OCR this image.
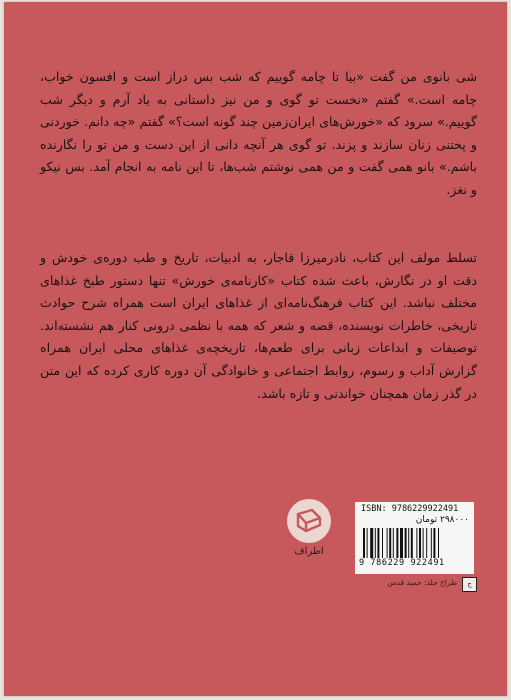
شی بانوی من گفت «بیا تا چامه گوییم که شب بس دراز است و افسون خواب، چامه است.» گفتم «نخست تو گوی و من نیز داستانی به یاد آرم و دیگر شب گوییم.» سرود که «خورش‌های ایران‌زمین چند گونه است؟» گفتم «چه دانم. خوردنی و پختنی زنان سازند و پزند. تو گوی هر آنچه دانی از این دست و من تو را نگارنده باشم.» بانو همی گفت و من همی نوشتم شب‌ها، تا این نامه به انجام آمد. بس نیکو و نغز.
تسلط مولف این کتاب، نادرمیرزا قاجار، به ادبیات، تاریخ و طب دوره‌ی خودش و دقت او در نگارش، باعث شده کتاب «کارنامه‌ی خورش» تنها دستور طبخ غذاهای مختلف نباشد. این کتاب فرهنگ‌نامه‌ای از غذاهای ایران است همراه شرح حوادث تاریخی، خاطرات نویسنده، قصه و شعر که همه با نظمی درونی کنار هم نشسته‌اند. توصیفات و ابداعات زبانی برای طعم‌ها، تاریخچه‌ی غذاهای محلی ایران همراه گزارش آداب و رسوم، روابط اجتماعی و خانوادگی آن دوره کاری کرده که این متن در گذر زمان همچنان خواندنی و تازه باشد.
اطراف
ISBN: 9786229922491
۲۹۸۰۰۰ تومان
9 786229 922491
طراح جلد: حمید قدس	ج
